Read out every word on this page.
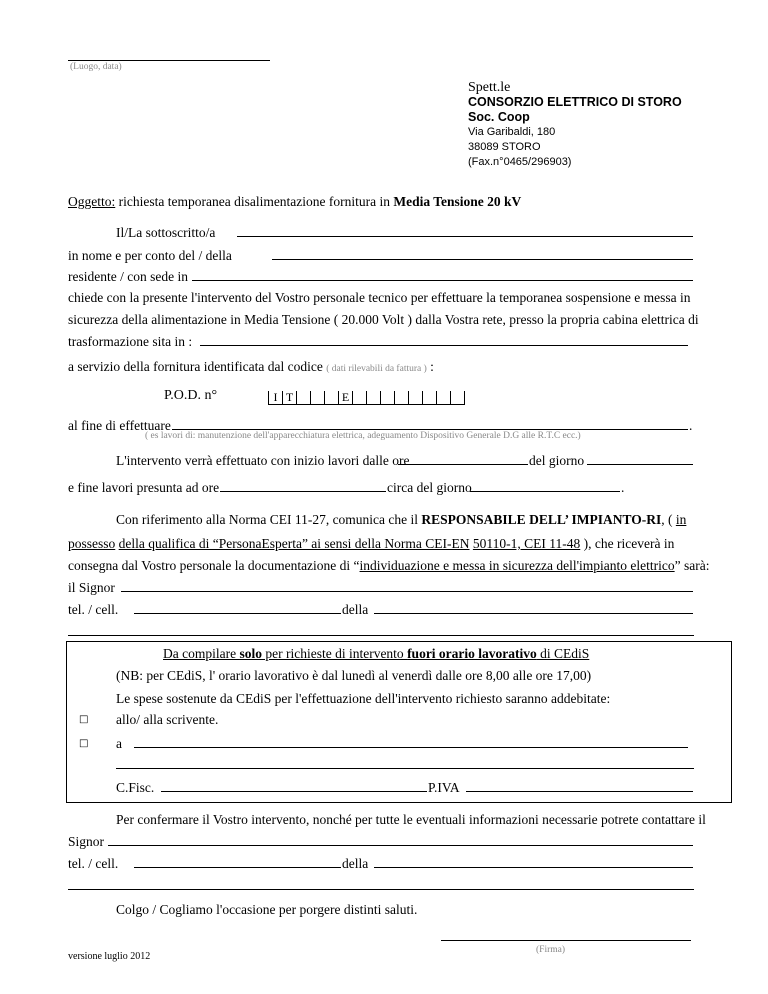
(Luogo, data)
Spett.le
CONSORZIO ELETTRICO DI STORO
Soc. Coop
Via Garibaldi, 180
38089 STORO
(Fax.n°0465/296903)
Oggetto: richiesta temporanea disalimentazione fornitura in Media Tensione 20 kV
Il/La sottoscritto/a
in nome e per conto del / della
residente / con sede in
chiede con la presente l'intervento del Vostro personale tecnico per effettuare la temporanea sospensione e messa in
sicurezza della alimentazione in Media Tensione ( 20.000 Volt ) dalla Vostra rete, presso la propria cabina elettrica di
trasformazione sita in :
a servizio della fornitura identificata dal codice ( dati rilevabili da fattura ) :
P.O.D. n°	I T	E
al fine di effettuare	.
( es lavori di: manutenzione dell'apparecchiatura elettrica, adeguamento Dispositivo Generale D.G alle R.T.C ecc.)
L'intervento verrà effettuato con inizio lavori dalle ore	del giorno
e fine lavori presunta ad ore	circa del giorno	.
Con riferimento alla Norma CEI 11-27, comunica che il RESPONSABILE DELL’ IMPIANTO-RI, ( in
possesso della qualifica di “PersonaEsperta” ai sensi della Norma CEI-EN 50110-1, CEI 11-48 ), che riceverà in
consegna dal Vostro personale la documentazione di “individuazione e messa in sicurezza dell'impianto elettrico” sarà:
il Signor
tel. / cell.	della
Da compilare solo per richieste di intervento fuori orario lavorativo di CEdiS
(NB: per CEdiS, l' orario lavorativo è dal lunedì al venerdì dalle ore 8,00 alle ore 17,00)
Le spese sostenute da CEdiS per l'effettuazione dell'intervento richiesto saranno addebitate:
□ allo/ alla scrivente.
□ a
C.Fisc.	P.IVA
Per confermare il Vostro intervento, nonché per tutte le eventuali informazioni necessarie potrete contattare il
Signor
tel. / cell.	della
Colgo / Cogliamo l'occasione per porgere distinti saluti.
versione luglio 2012
(Firma)
